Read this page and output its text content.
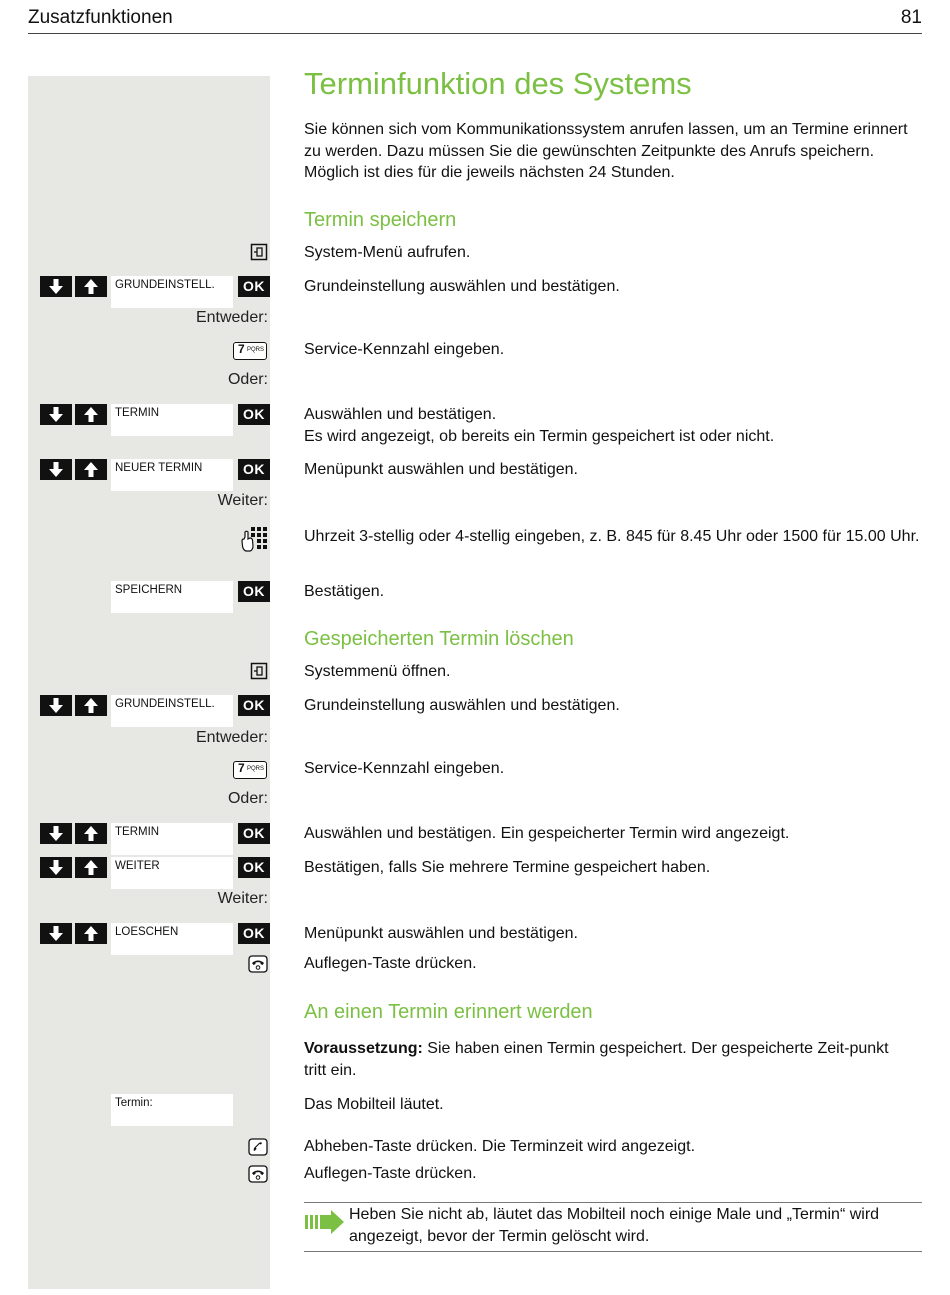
Zusatzfunktionen	81
Terminfunktion des Systems
Sie können sich vom Kommunikationssystem anrufen lassen, um an Termine erinnert zu werden. Dazu müssen Sie die gewünschten Zeitpunkte des Anrufs speichern. Möglich ist dies für die jeweils nächsten 24 Stunden.
Termin speichern
System-Menü aufrufen.
GRUNDEINSTELL.	OK	Grundeinstellung auswählen und bestätigen.
Entweder:
7 PQRS Service-Kennzahl eingeben.
Oder:
TERMIN	OK	Auswählen und bestätigen.
Es wird angezeigt, ob bereits ein Termin gespeichert ist oder nicht.
NEUER TERMIN	OK	Menüpunkt auswählen und bestätigen.
Weiter:
Uhrzeit 3-stellig oder 4-stellig eingeben, z. B. 845 für 8.45 Uhr oder 1500 für 15.00 Uhr.
SPEICHERN	OK	Bestätigen.
Gespeicherten Termin löschen
Systemmenü öffnen.
GRUNDEINSTELL.	OK	Grundeinstellung auswählen und bestätigen.
Entweder:
7 PQRS Service-Kennzahl eingeben.
Oder:
TERMIN	OK	Auswählen und bestätigen. Ein gespeicherter Termin wird angezeigt.
WEITER	OK	Bestätigen, falls Sie mehrere Termine gespeichert haben.
Weiter:
LOESCHEN	OK	Menüpunkt auswählen und bestätigen.
Auflegen-Taste drücken.
An einen Termin erinnert werden
Voraussetzung: Sie haben einen Termin gespeichert. Der gespeicherte Zeit-punkt tritt ein.
Termin:	Das Mobilteil läutet.
Abheben-Taste drücken. Die Terminzeit wird angezeigt.
Auflegen-Taste drücken.
Heben Sie nicht ab, läutet das Mobilteil noch einige Male und „Termin“ wird angezeigt, bevor der Termin gelöscht wird.
